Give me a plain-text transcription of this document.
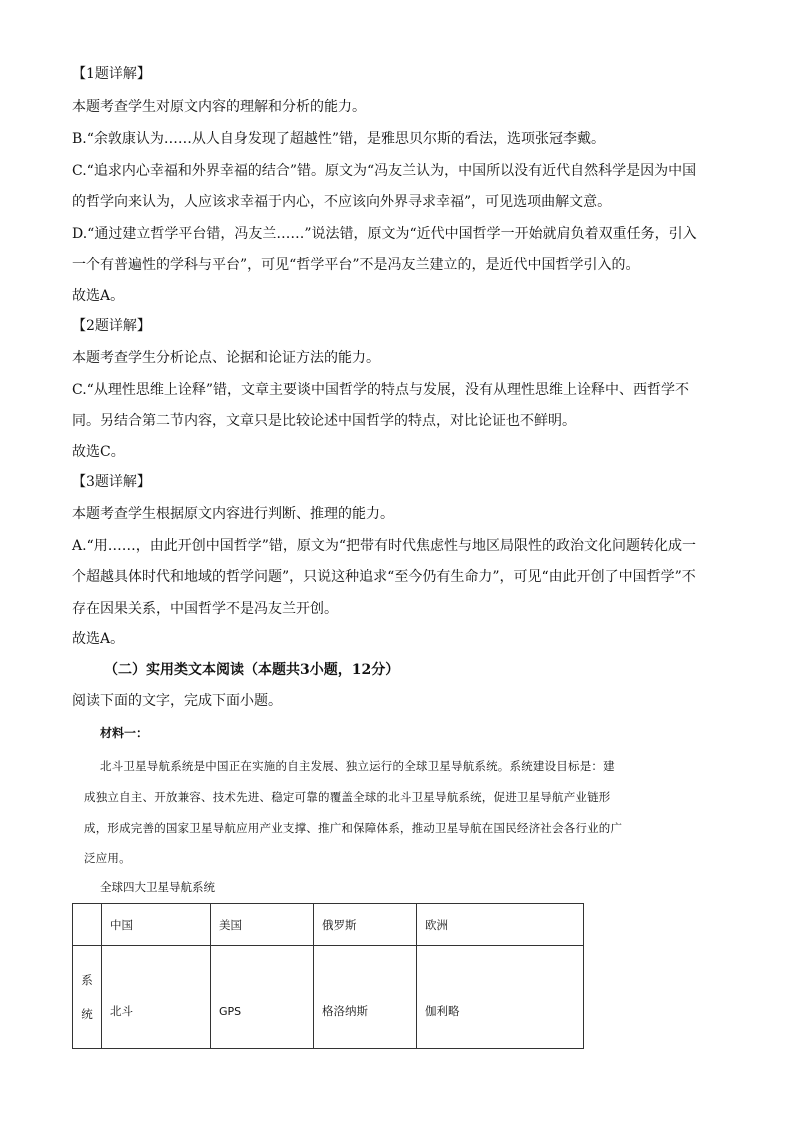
【1题详解】
本题考查学生对原文内容的理解和分析的能力。
B.“余敦康认为……从人自身发现了超越性”错，是雅思贝尔斯的看法，选项张冠李戴。
C.“追求内心幸福和外界幸福的结合”错。原文为“冯友兰认为，中国所以没有近代自然科学是因为中国
的哲学向来认为，人应该求幸福于内心，不应该向外界寻求幸福”，可见选项曲解文意。
D.“通过建立哲学平台错，冯友兰……”说法错，原文为“近代中国哲学一开始就肩负着双重任务，引入
一个有普遍性的学科与平台”，可见“哲学平台”不是冯友兰建立的，是近代中国哲学引入的。
故选A。
【2题详解】
本题考查学生分析论点、论据和论证方法的能力。
C.“从理性思维上诠释”错，文章主要谈中国哲学的特点与发展，没有从理性思维上诠释中、西哲学不
同。另结合第二节内容，文章只是比较论述中国哲学的特点，对比论证也不鲜明。
故选C。
【3题详解】
本题考查学生根据原文内容进行判断、推理的能力。
A.“用……，由此开创中国哲学”错，原文为“把带有时代焦虑性与地区局限性的政治文化问题转化成一
个超越具体时代和地域的哲学问题”，只说这种追求“至今仍有生命力”，可见“由此开创了中国哲学”不
存在因果关系，中国哲学不是冯友兰开创。
故选A。
（二）实用类文本阅读（本题共3小题，12分）
阅读下面的文字，完成下面小题。
材料一：
北斗卫星导航系统是中国正在实施的自主发展、独立运行的全球卫星导航系统。系统建设目标是：建
成独立自主、开放兼容、技术先进、稳定可靠的覆盖全球的北斗卫星导航系统，促进卫星导航产业链形
成，形成完善的国家卫星导航应用产业支撑、推广和保障体系，推动卫星导航在国民经济社会各行业的广
泛应用。
全球四大卫星导航系统
	中国	美国	俄罗斯	欧洲
系
统	北斗	GPS	格洛纳斯	伽利略
